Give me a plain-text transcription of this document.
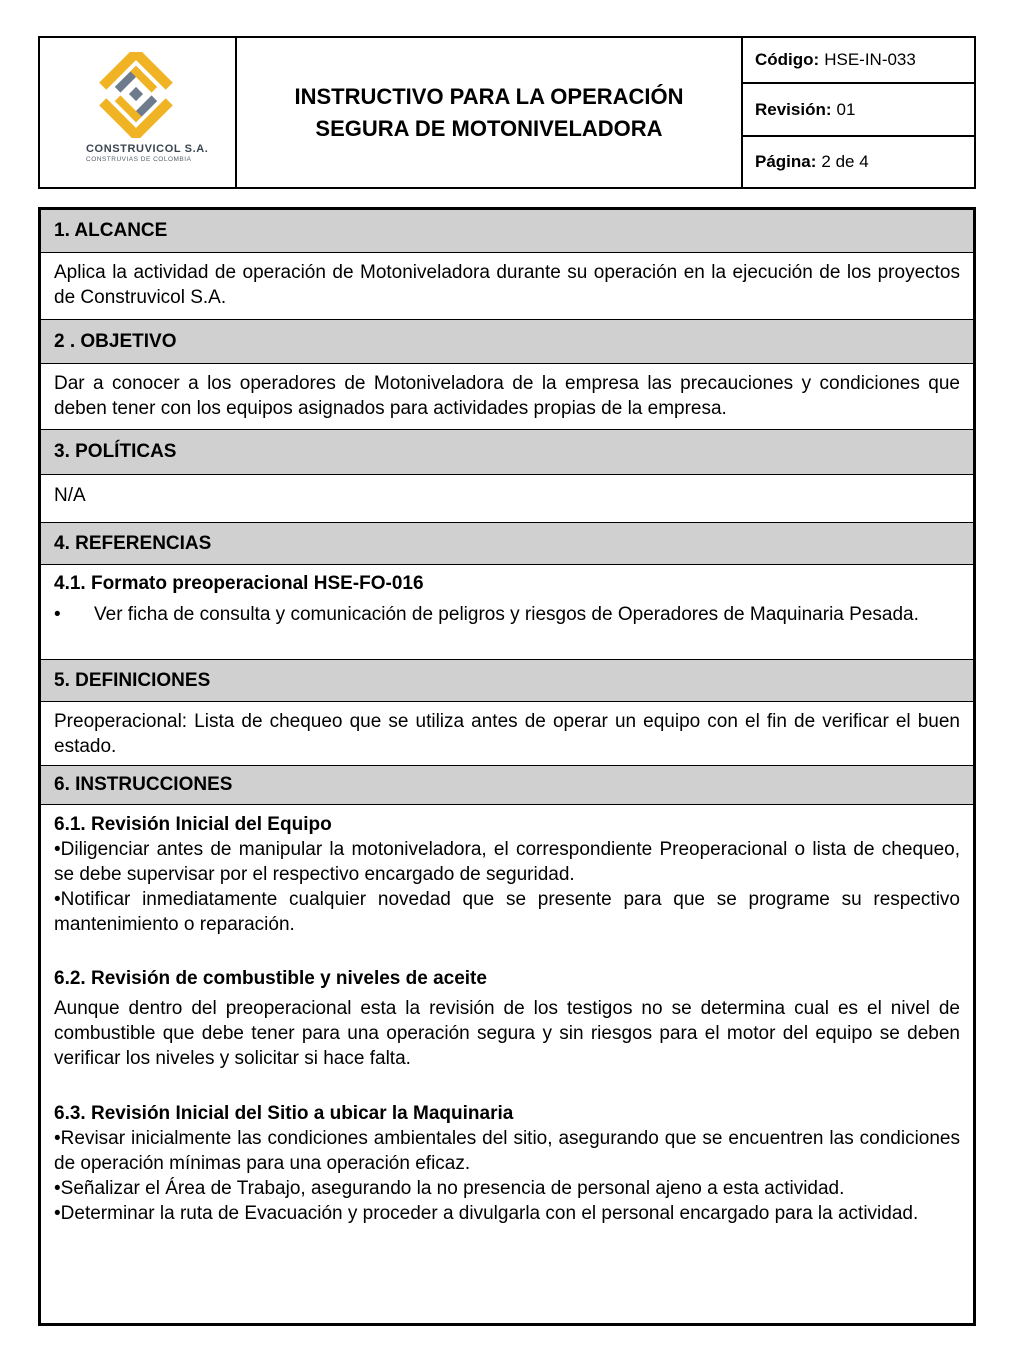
CONSTRUVICOL S.A.
CONSTRUVIAS DE COLOMBIA
INSTRUCTIVO PARA LA OPERACIÓN
SEGURA DE MOTONIVELADORA
Código: HSE-IN-033
Revisión: 01
Página: 2 de 4
1. ALCANCE
Aplica la actividad de operación de Motoniveladora durante su operación en la ejecución de los proyectos de Construvicol S.A.
2 . OBJETIVO
Dar a conocer a los operadores de Motoniveladora de la empresa las precauciones y condiciones que deben tener con los equipos asignados para actividades propias de la empresa.
3. POLÍTICAS
N/A
4. REFERENCIAS
4.1. Formato preoperacional HSE-FO-016
•	Ver ficha de consulta y comunicación de peligros y riesgos de Operadores de Maquinaria Pesada.
5. DEFINICIONES
Preoperacional: Lista de chequeo que se utiliza antes de operar un equipo con el fin de verificar el buen estado.
6. INSTRUCCIONES
6.1. Revisión Inicial del Equipo
•Diligenciar antes de manipular la motoniveladora, el correspondiente Preoperacional o lista de chequeo, se debe supervisar por el respectivo encargado de seguridad.
•Notificar inmediatamente cualquier novedad que se presente para que se programe su respectivo mantenimiento o reparación.
6.2. Revisión de combustible y niveles de aceite
Aunque dentro del preoperacional esta la revisión de los testigos no se determina cual es el nivel de combustible que debe tener para una operación segura y sin riesgos para el motor del equipo se deben verificar los niveles y solicitar si hace falta.
6.3. Revisión Inicial del Sitio a ubicar la Maquinaria
•Revisar inicialmente las condiciones ambientales del sitio, asegurando que se encuentren las condiciones de operación mínimas para una operación eficaz.
•Señalizar el Área de Trabajo, asegurando la no presencia de personal ajeno a esta actividad.
•Determinar la ruta de Evacuación y proceder a divulgarla con el personal encargado para la actividad.
